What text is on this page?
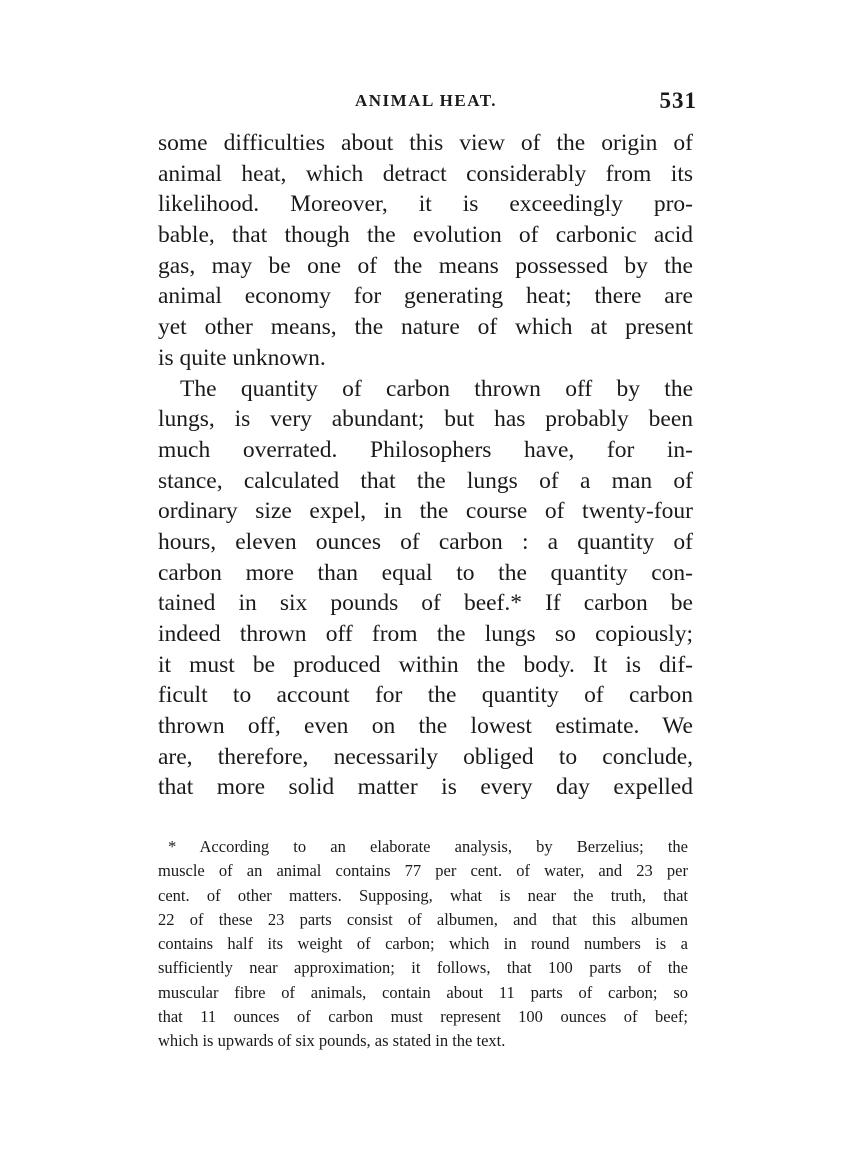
ANIMAL HEAT.	531
some difficulties about this view of the origin of
animal heat, which detract considerably from its
likelihood. Moreover, it is exceedingly pro-
bable, that though the evolution of carbonic acid
gas, may be one of the means possessed by the
animal economy for generating heat; there are
yet other means, the nature of which at present
is quite unknown.
The quantity of carbon thrown off by the
lungs, is very abundant; but has probably been
much overrated. Philosophers have, for in-
stance, calculated that the lungs of a man of
ordinary size expel, in the course of twenty-four
hours, eleven ounces of carbon : a quantity of
carbon more than equal to the quantity con-
tained in six pounds of beef.* If carbon be
indeed thrown off from the lungs so copiously;
it must be produced within the body. It is dif-
ficult to account for the quantity of carbon
thrown off, even on the lowest estimate. We
are, therefore, necessarily obliged to conclude,
that more solid matter is every day expelled
* According to an elaborate analysis, by Berzelius; the
muscle of an animal contains 77 per cent. of water, and 23 per
cent. of other matters. Supposing, what is near the truth, that
22 of these 23 parts consist of albumen, and that this albumen
contains half its weight of carbon; which in round numbers is a
sufficiently near approximation; it follows, that 100 parts of the
muscular fibre of animals, contain about 11 parts of carbon; so
that 11 ounces of carbon must represent 100 ounces of beef;
which is upwards of six pounds, as stated in the text.
